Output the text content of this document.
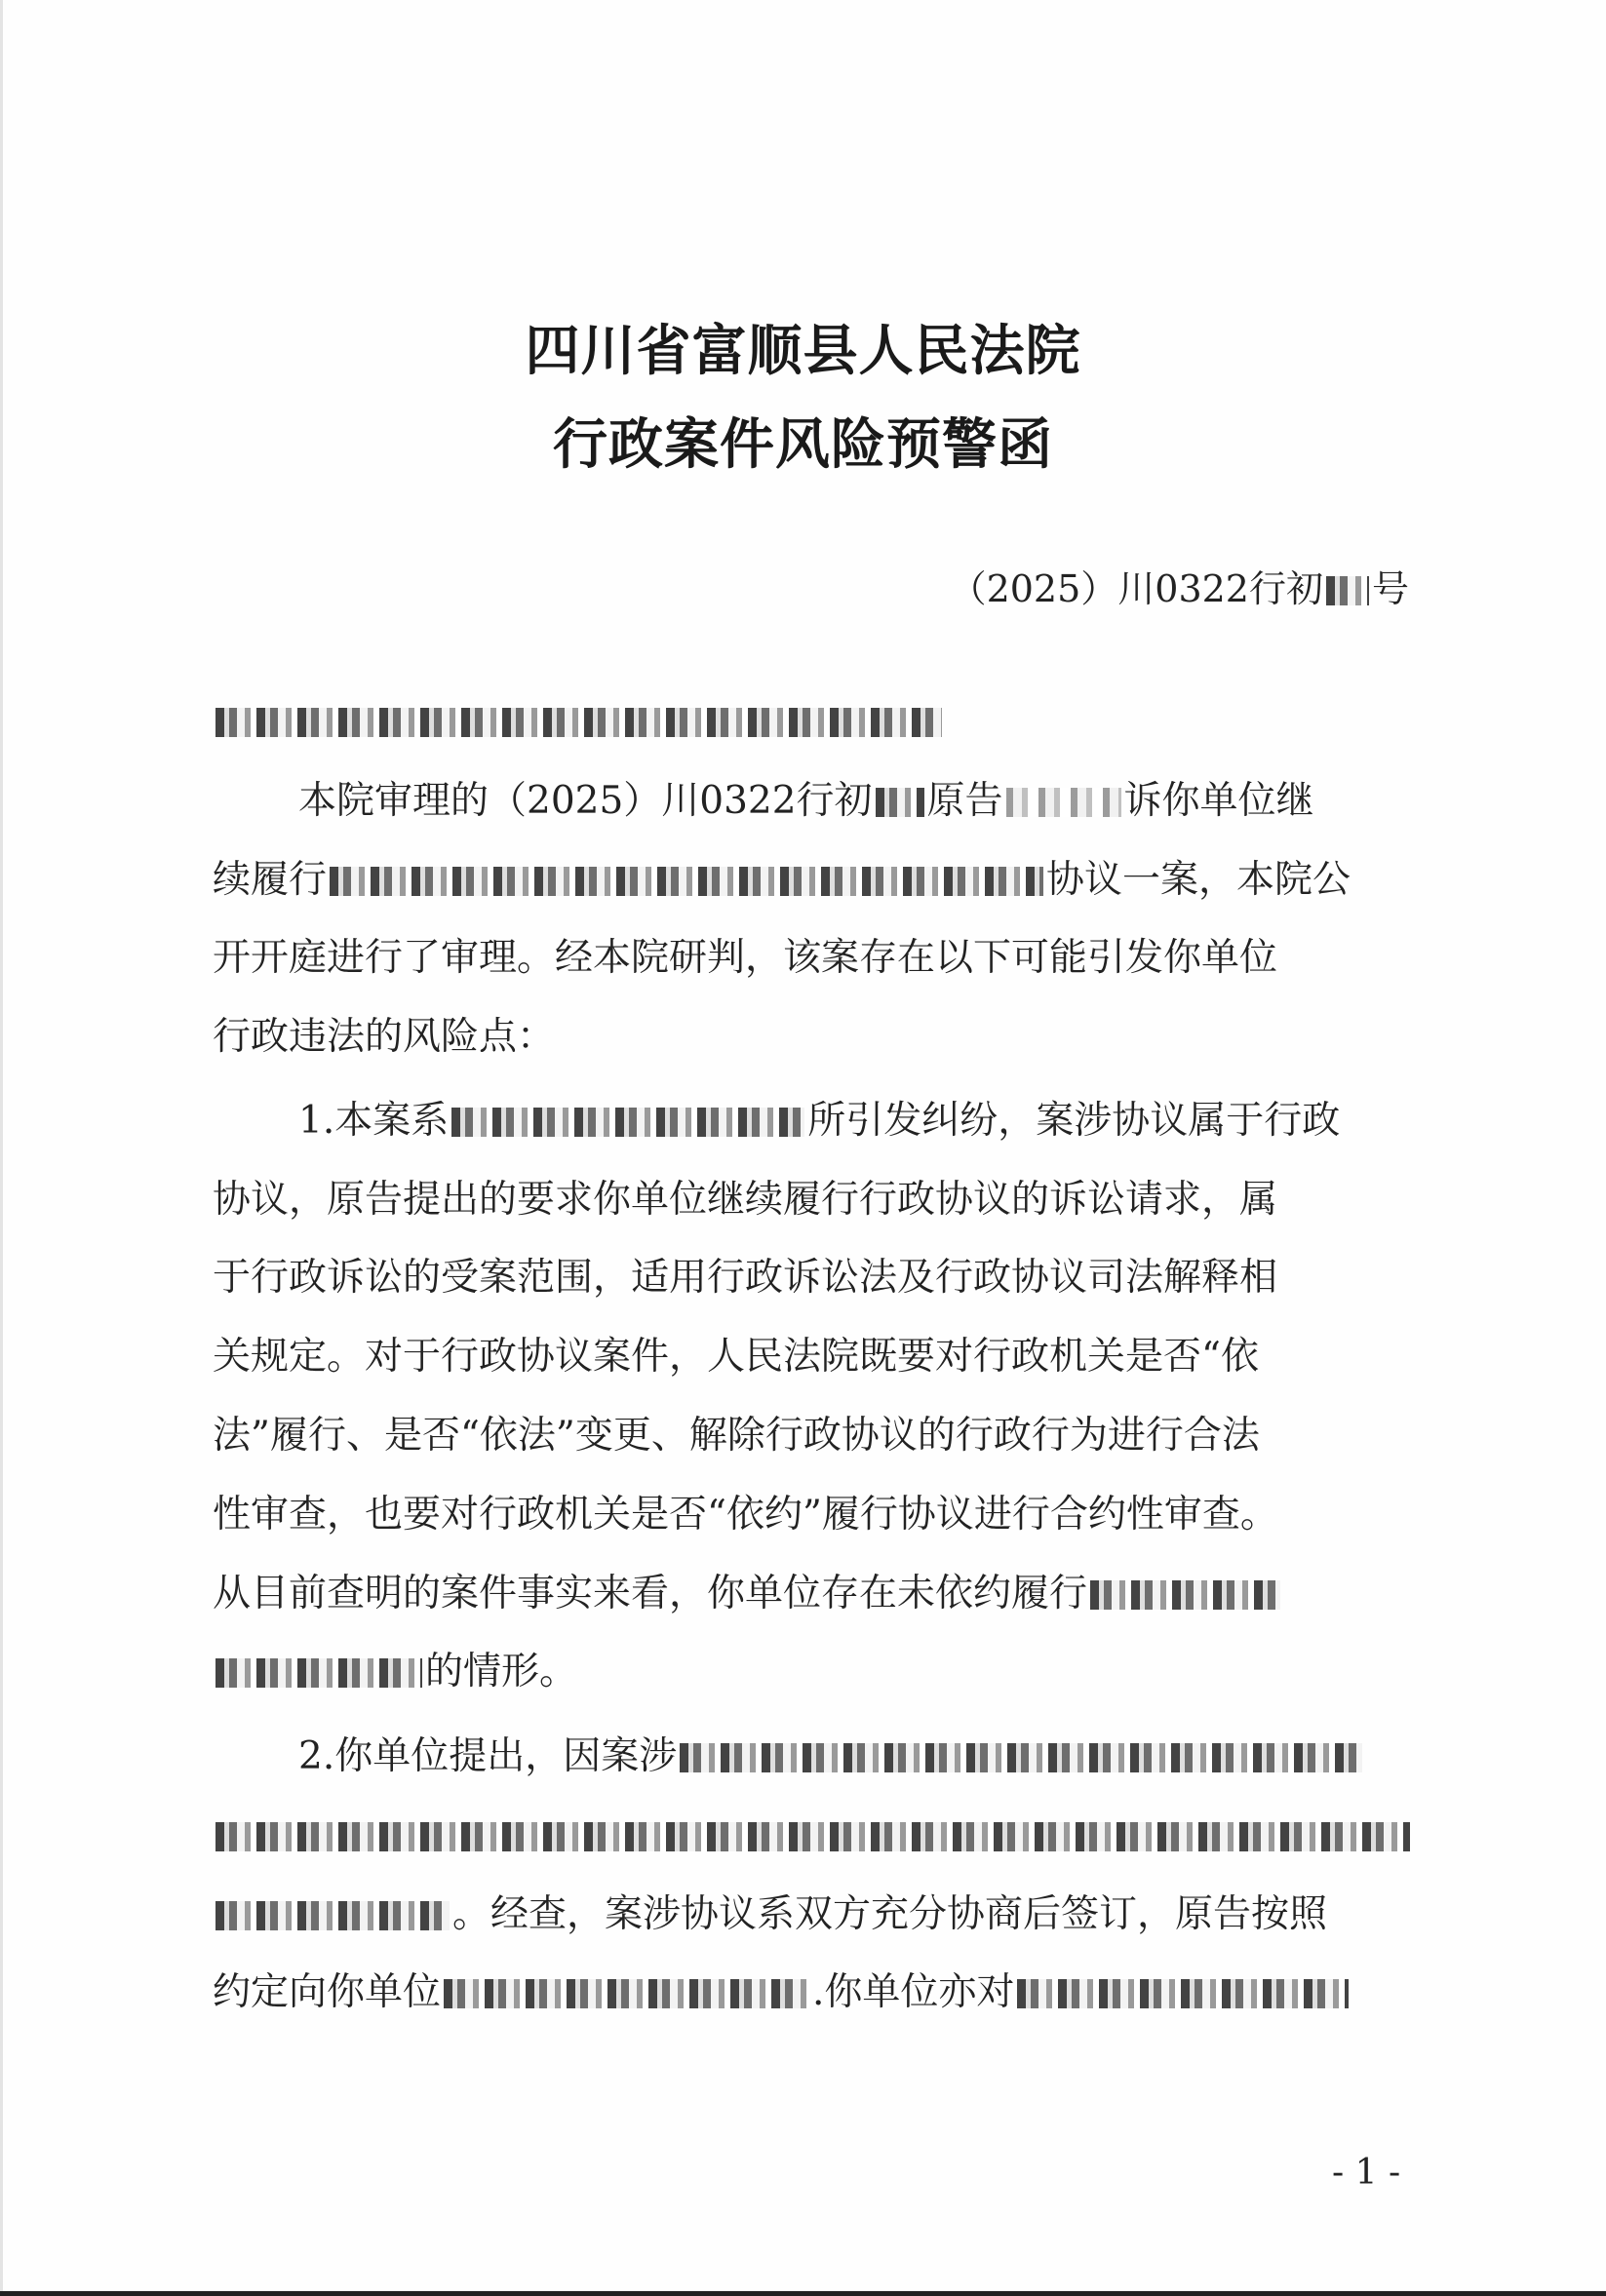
四川省富顺县人民法院
行政案件风险预警函
（2025）川0322行初 号
本院审理的（2025）川0322行初 原告	诉你单位继
续履行	协议一案，本院公
开开庭进行了审理。经本院研判，该案存在以下可能引发你单位
行政违法的风险点：
1.本案系	所引发纠纷，案涉协议属于行政
协议，原告提出的要求你单位继续履行行政协议的诉讼请求，属
于行政诉讼的受案范围，适用行政诉讼法及行政协议司法解释相
关规定。对于行政协议案件，人民法院既要对行政机关是否“依
法”履行、是否“依法”变更、解除行政协议的行政行为进行合法
性审查，也要对行政机关是否“依约”履行协议进行合约性审查。
从目前查明的案件事实来看，你单位存在未依约履行
的情形。
2.你单位提出，因案涉
。经查，案涉协议系双方充分协商后签订，原告按照
约定向你单位	.你单位亦对
- 1 -
